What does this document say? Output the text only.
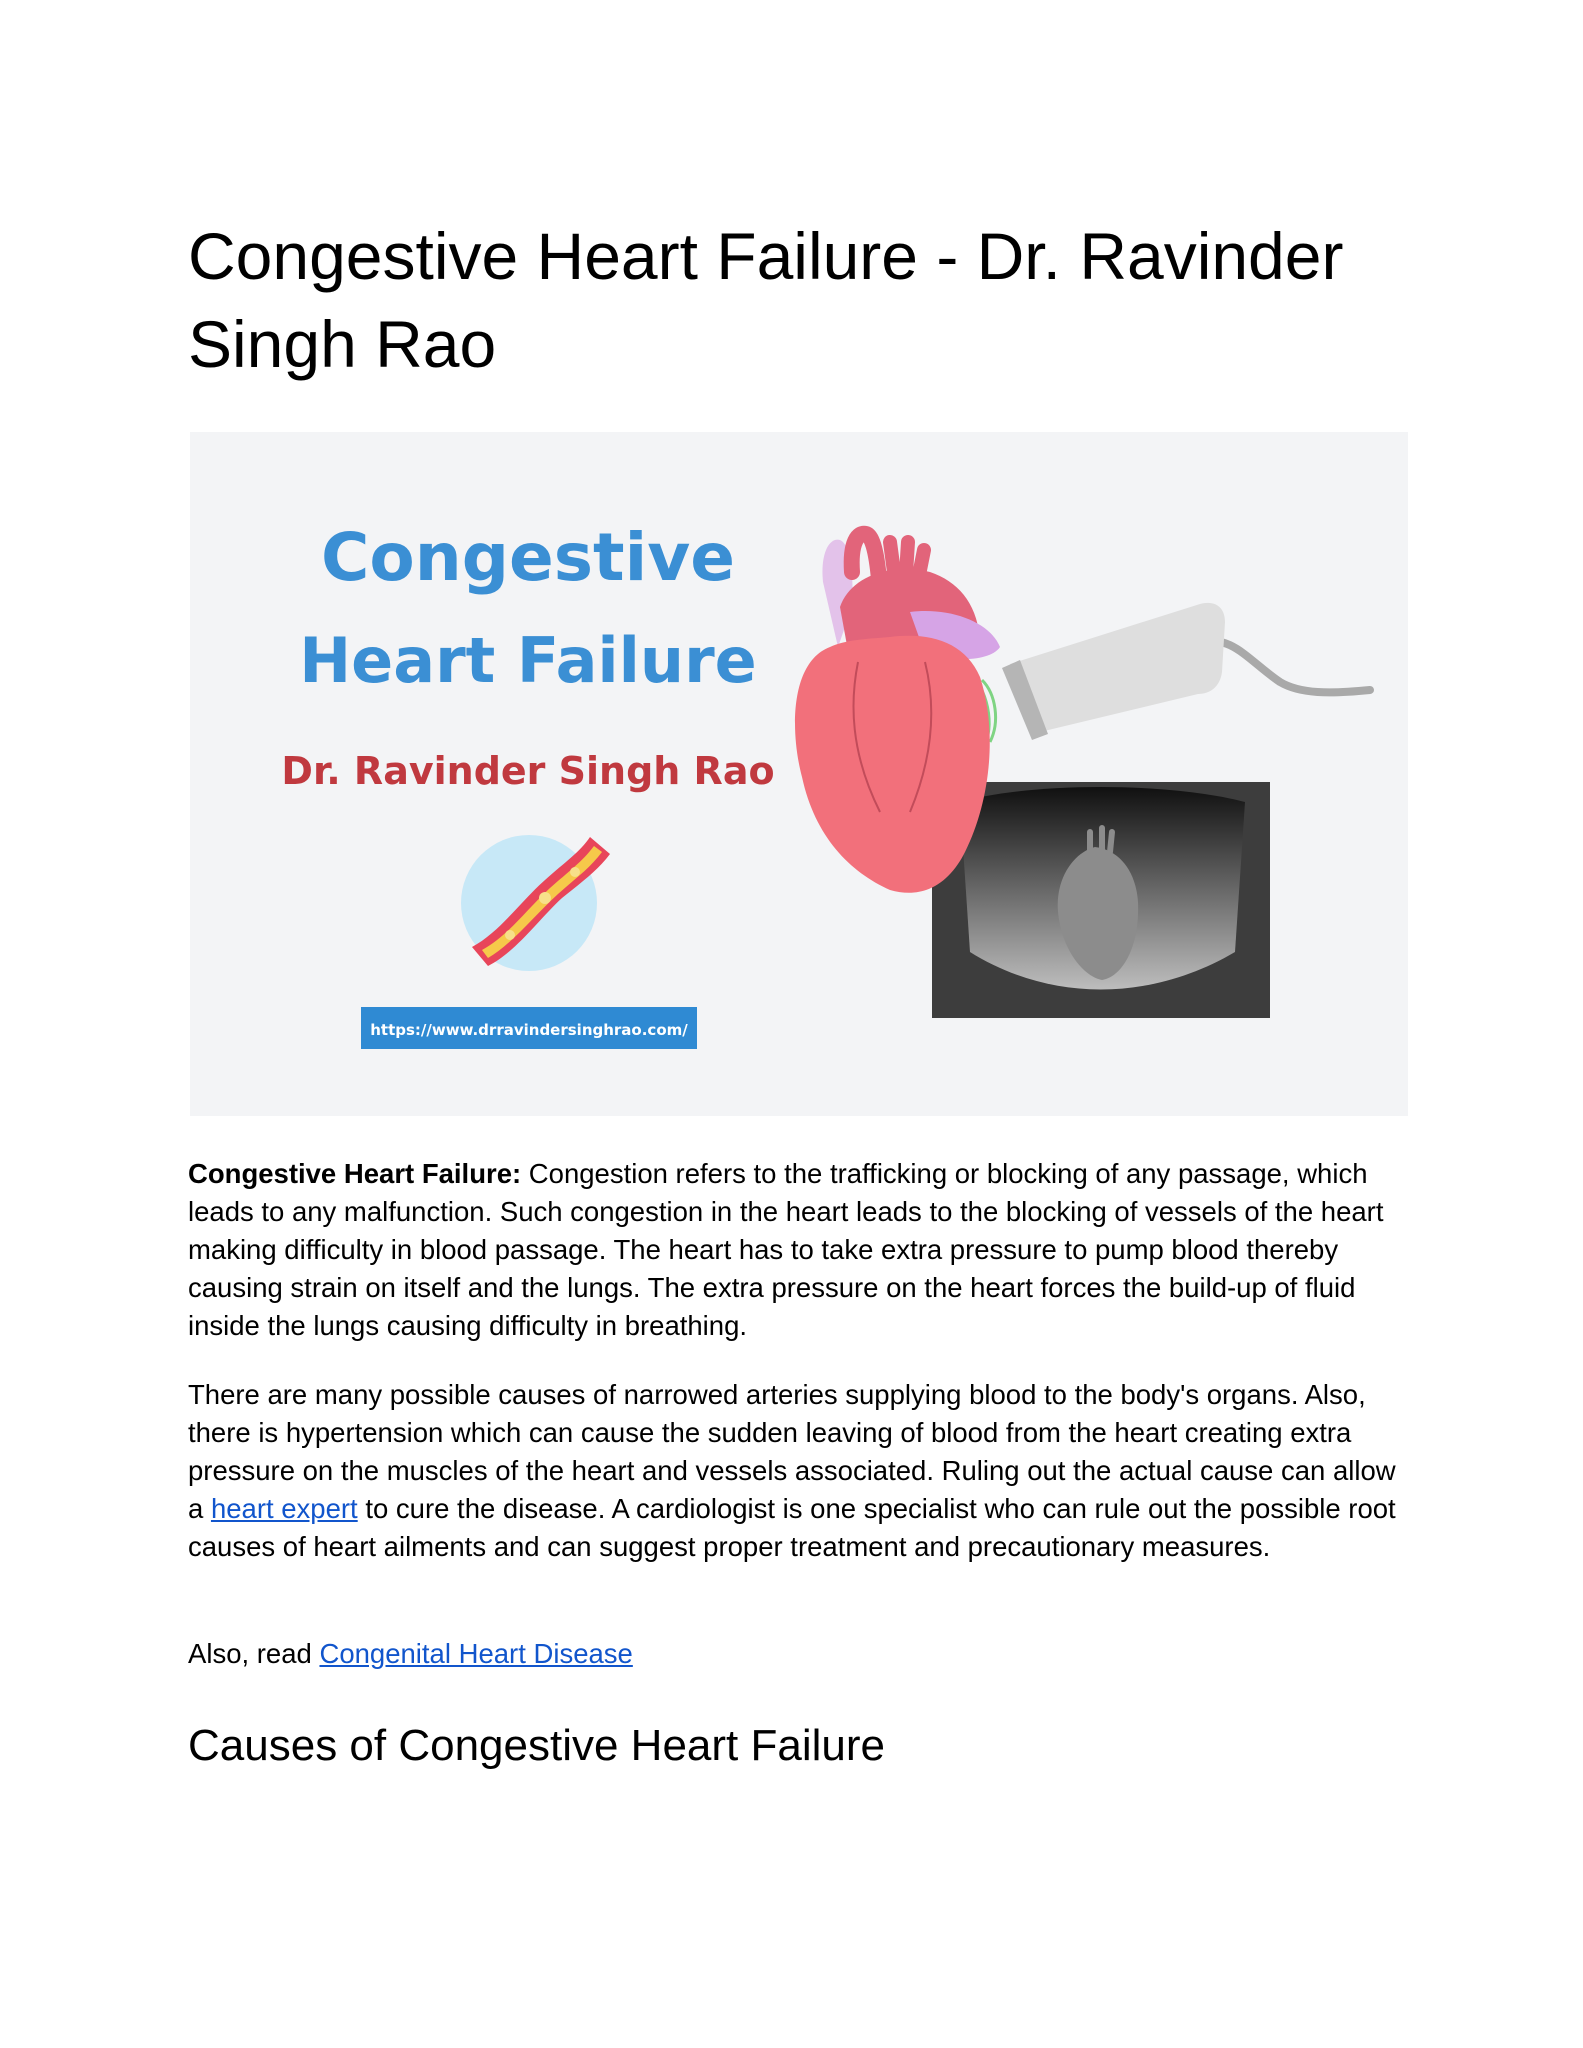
Congestive Heart Failure - Dr. Ravinder Singh Rao
Congestive
Heart Failure
Dr. Ravinder Singh Rao
https://www.drravindersinghrao.com/

Congestive Heart Failure: Congestion refers to the trafficking or blocking of any passage, which leads to any malfunction. Such congestion in the heart leads to the blocking of vessels of the heart making difficulty in blood passage. The heart has to take extra pressure to pump blood thereby causing strain on itself and the lungs. The extra pressure on the heart forces the build-up of fluid inside the lungs causing difficulty in breathing.

There are many possible causes of narrowed arteries supplying blood to the body's organs. Also, there is hypertension which can cause the sudden leaving of blood from the heart creating extra pressure on the muscles of the heart and vessels associated. Ruling out the actual cause can allow a heart expert to cure the disease. A cardiologist is one specialist who can rule out the possible root causes of heart ailments and can suggest proper treatment and precautionary measures.

Also, read Congenital Heart Disease

Causes of Congestive Heart Failure
